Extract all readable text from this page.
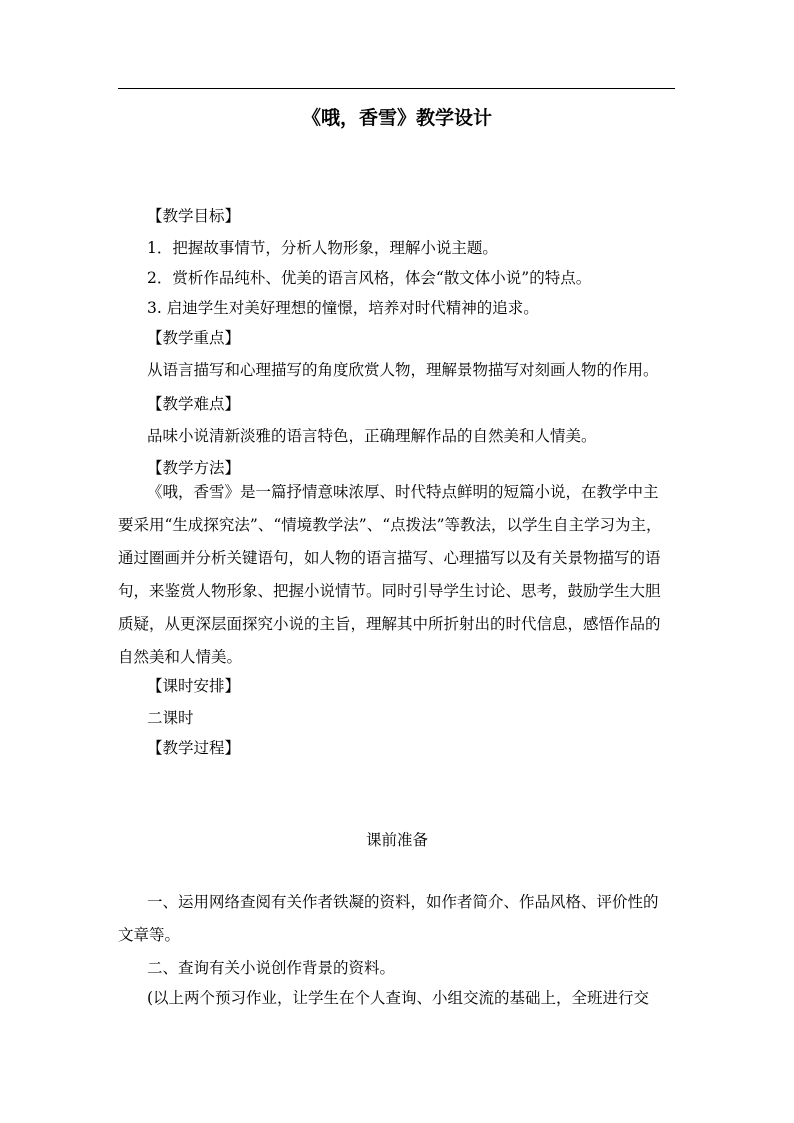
《哦，香雪》教学设计
【教学目标】
1．把握故事情节，分析人物形象，理解小说主题。
2．赏析作品纯朴、优美的语言风格，体会“散文体小说”的特点。
3. 启迪学生对美好理想的憧憬，培养对时代精神的追求。
【教学重点】
从语言描写和心理描写的角度欣赏人物，理解景物描写对刻画人物的作用。
【教学难点】
品味小说清新淡雅的语言特色，正确理解作品的自然美和人情美。
【教学方法】
《哦，香雪》是一篇抒情意味浓厚、时代特点鲜明的短篇小说，在教学中主
要采用“生成探究法”、“情境教学法”、“点拨法”等教法，以学生自主学习为主，
通过圈画并分析关键语句，如人物的语言描写、心理描写以及有关景物描写的语
句，来鉴赏人物形象、把握小说情节。同时引导学生讨论、思考，鼓励学生大胆
质疑，从更深层面探究小说的主旨，理解其中所折射出的时代信息，感悟作品的
自然美和人情美。
【课时安排】
二课时
【教学过程】
课前准备
一、运用网络查阅有关作者铁凝的资料，如作者简介、作品风格、评价性的
文章等。
二、查询有关小说创作背景的资料。
(以上两个预习作业，让学生在个人查询、小组交流的基础上，全班进行交
